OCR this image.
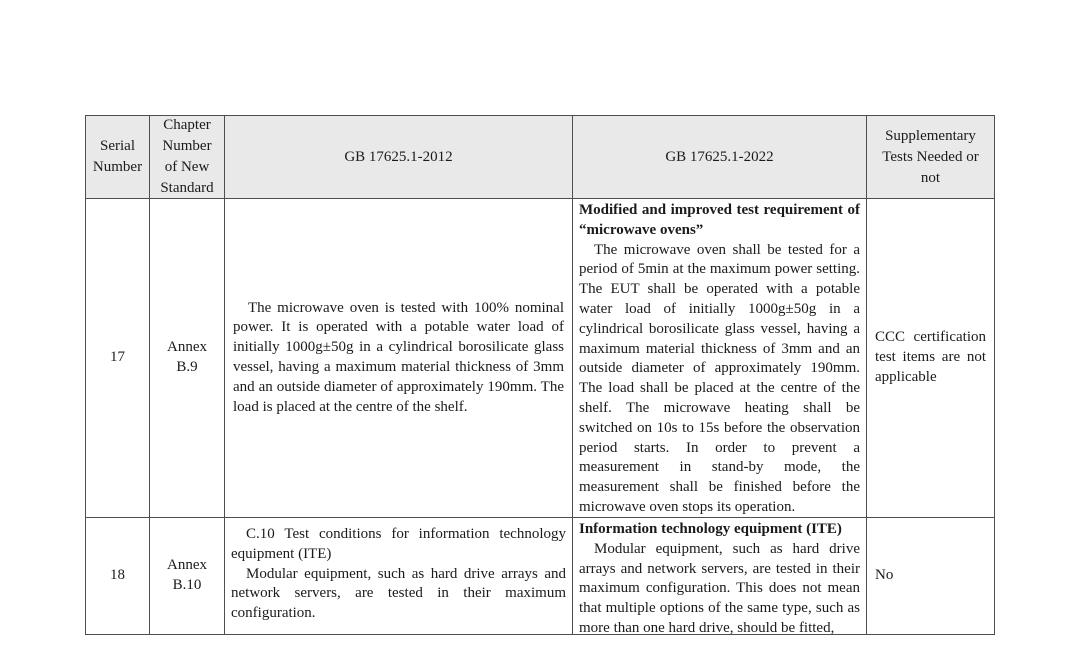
Serial Number
Chapter Number of New Standard
GB 17625.1-2012	GB 17625.1-2022
Supplementary Tests Needed or not
17
Annex B.9

The microwave oven is tested with 100% nominal power. It is operated with a potable water load of initially 1000g±50g in a cylindrical borosilicate glass vessel, having a maximum material thickness of 3mm and an outside diameter of approximately 190mm. The load is placed at the centre of the shelf.

Modified and improved test requirement of “microwave ovens”

The microwave oven shall be tested for a period of 5min at the maximum power setting. The EUT shall be operated with a potable water load of initially 1000g±50g in a cylindrical borosilicate glass vessel, having a maximum material thickness of 3mm and an outside diameter of approximately 190mm. The load shall be placed at the centre of the shelf. The microwave heating shall be switched on 10s to 15s before the observation period starts. In order to prevent a measurement in stand-by mode, the measurement shall be finished before the microwave oven stops its operation.

CCC certification test items are not applicable

18
Annex B.10

C.10 Test conditions for information technology equipment (ITE)

Modular equipment, such as hard drive arrays and network servers, are tested in their maximum configuration.

Information technology equipment (ITE)

Modular equipment, such as hard drive arrays and network servers, are tested in their maximum configuration. This does not mean that multiple options of the same type, such as more than one hard drive, should be fitted,

No
